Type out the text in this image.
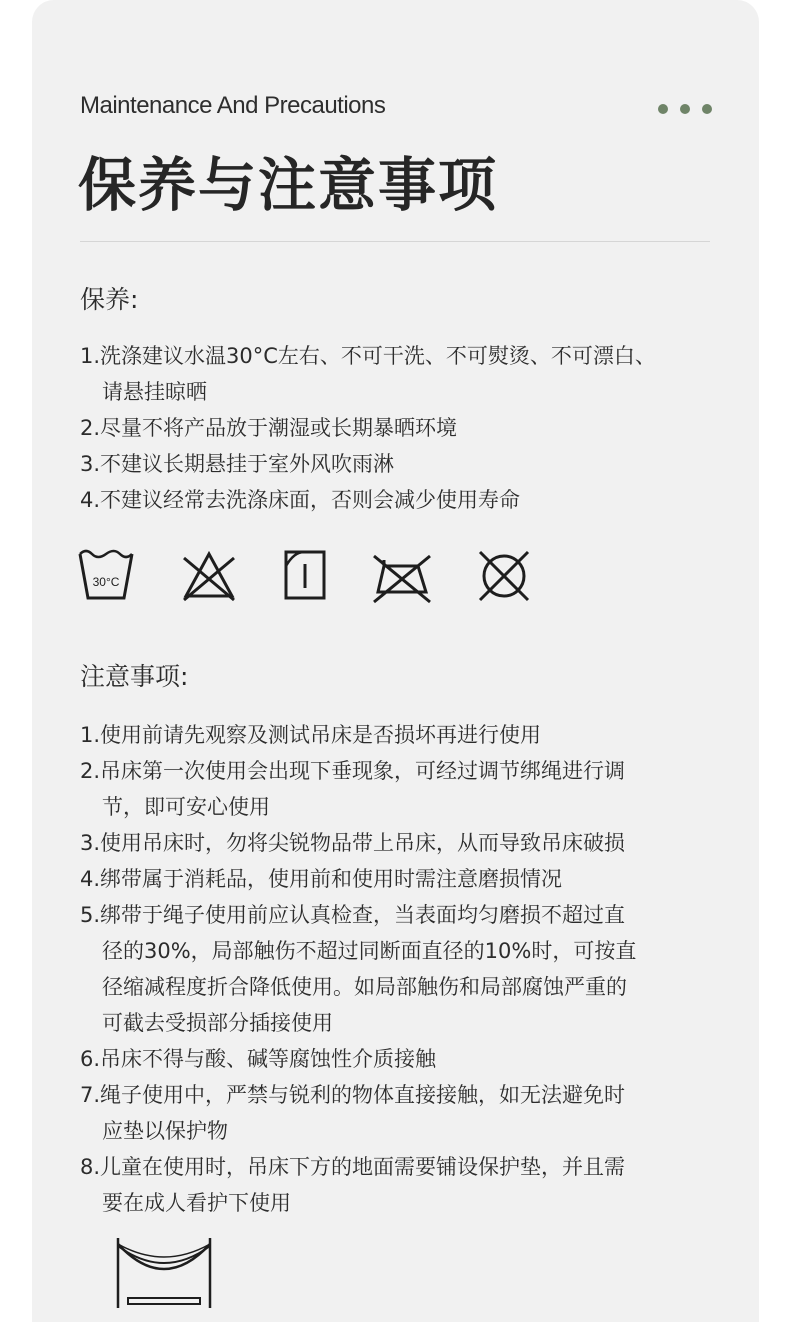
Maintenance And Precautions
保养与注意事项
保养:
1.洗涤建议水温30°C左右、不可干洗、不可熨烫、不可漂白、
请悬挂晾晒
2.尽量不将产品放于潮湿或长期暴晒环境
3.不建议长期悬挂于室外风吹雨淋
4.不建议经常去洗涤床面，否则会减少使用寿命
30°C
注意事项:
1.使用前请先观察及测试吊床是否损坏再进行使用
2.吊床第一次使用会出现下垂现象，可经过调节绑绳进行调
节，即可安心使用
3.使用吊床时，勿将尖锐物品带上吊床，从而导致吊床破损
4.绑带属于消耗品，使用前和使用时需注意磨损情况
5.绑带于绳子使用前应认真检查，当表面均匀磨损不超过直
径的30%，局部触伤不超过同断面直径的10%时，可按直
径缩减程度折合降低使用。如局部触伤和局部腐蚀严重的
可截去受损部分插接使用
6.吊床不得与酸、碱等腐蚀性介质接触
7.绳子使用中，严禁与锐利的物体直接接触，如无法避免时
应垫以保护物
8.儿童在使用时，吊床下方的地面需要铺设保护垫，并且需
要在成人看护下使用
